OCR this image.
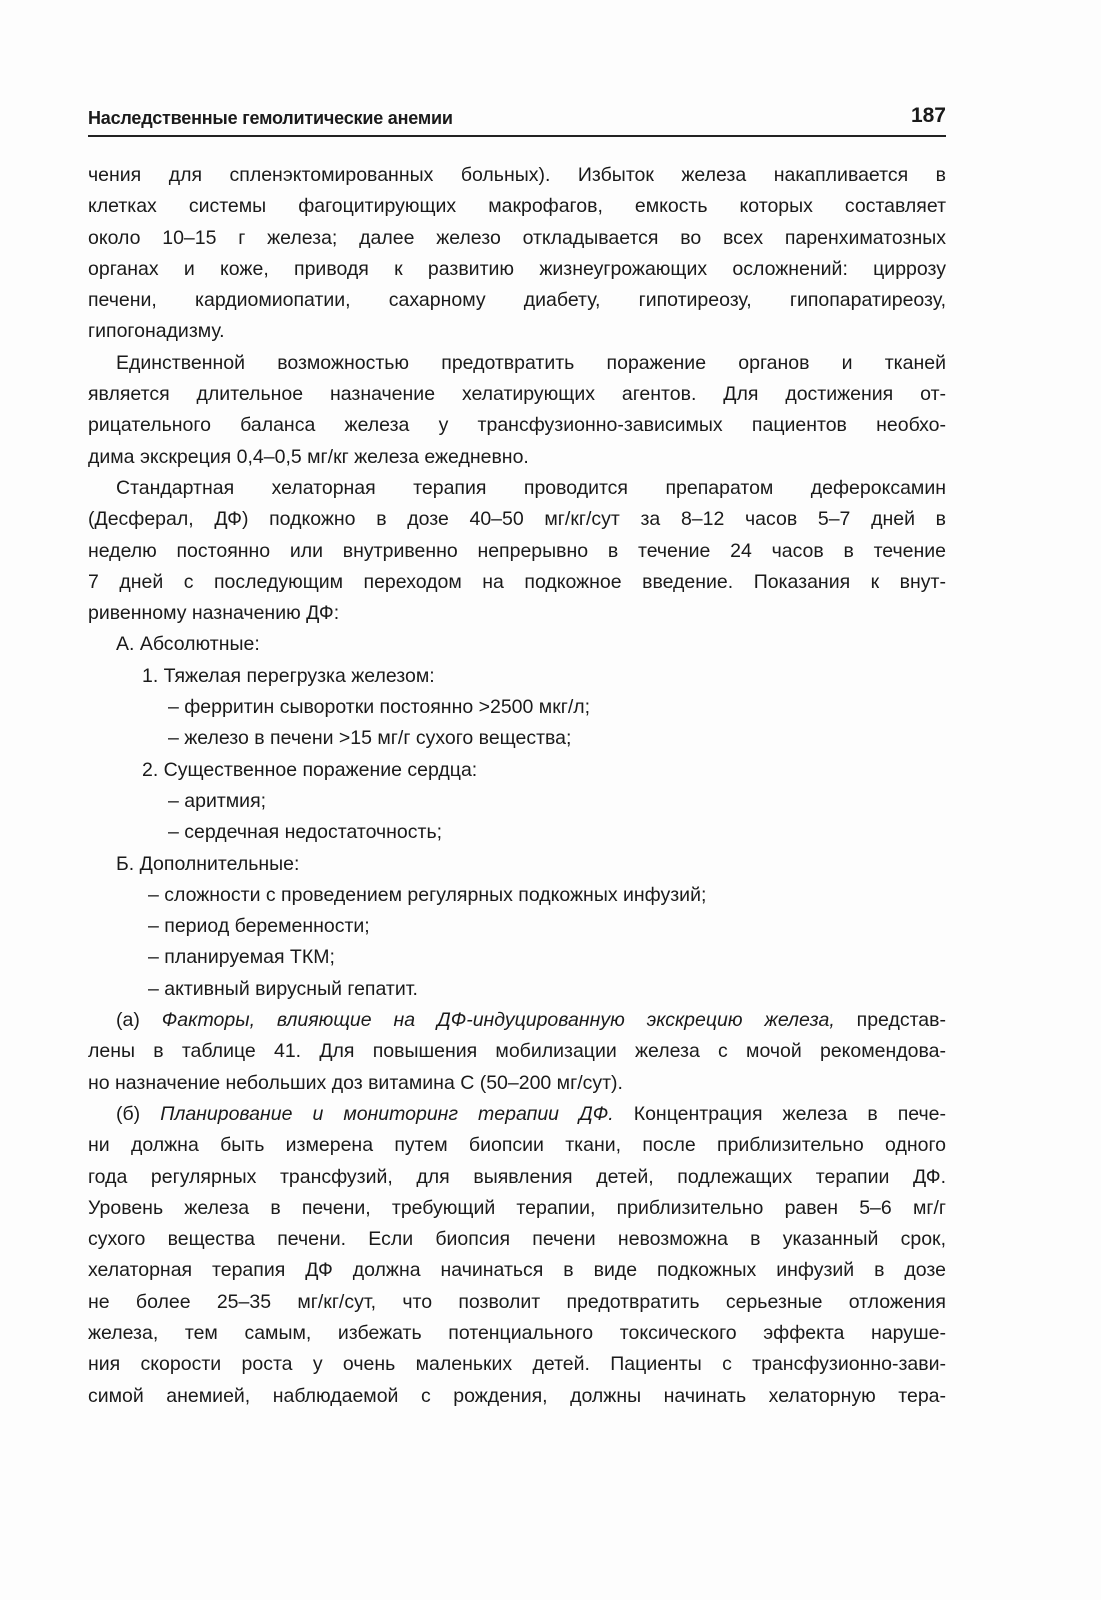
Наследственные гемолитические анемии	187
чения для спленэктомированных больных). Избыток железа накапливается в
клетках системы фагоцитирующих макрофагов, емкость которых составляет
около 10–15 г железа; далее железо откладывается во всех паренхиматозных
органах и коже, приводя к развитию жизнеугрожающих осложнений: циррозу
печени, кардиомиопатии, сахарному диабету, гипотиреозу, гипопаратиреозу,
гипогонадизму.
Единственной возможностью предотвратить поражение органов и тканей
является длительное назначение хелатирующих агентов. Для достижения от-
рицательного баланса железа у трансфузионно-зависимых пациентов необхо-
дима экскреция 0,4–0,5 мг/кг железа ежедневно.
Стандартная хелаторная терапия проводится препаратом дефероксамин
(Десферал, ДФ) подкожно в дозе 40–50 мг/кг/сут за 8–12 часов 5–7 дней в
неделю постоянно или внутривенно непрерывно в течение 24 часов в течение
7 дней с последующим переходом на подкожное введение. Показания к внут-
ривенному назначению ДФ:
А. Абсолютные:
1. Тяжелая перегрузка железом:
– ферритин сыворотки постоянно >2500 мкг/л;
– железо в печени >15 мг/г сухого вещества;
2. Существенное поражение сердца:
– аритмия;
– сердечная недостаточность;
Б. Дополнительные:
– сложности с проведением регулярных подкожных инфузий;
– период беременности;
– планируемая ТКМ;
– активный вирусный гепатит.
(а) Факторы, влияющие на ДФ-индуцированную экскрецию железа, представ-
лены в таблице 41. Для повышения мобилизации железа с мочой рекомендова-
но назначение небольших доз витамина С (50–200 мг/сут).
(б) Планирование и мониторинг терапии ДФ. Концентрация железа в пече-
ни должна быть измерена путем биопсии ткани, после приблизительно одного
года регулярных трансфузий, для выявления детей, подлежащих терапии ДФ.
Уровень железа в печени, требующий терапии, приблизительно равен 5–6 мг/г
сухого вещества печени. Если биопсия печени невозможна в указанный срок,
хелаторная терапия ДФ должна начинаться в виде подкожных инфузий в дозе
не более 25–35 мг/кг/сут, что позволит предотвратить серьезные отложения
железа, тем самым, избежать потенциального токсического эффекта наруше-
ния скорости роста у очень маленьких детей. Пациенты с трансфузионно-зави-
симой анемией, наблюдаемой с рождения, должны начинать хелаторную тера-
